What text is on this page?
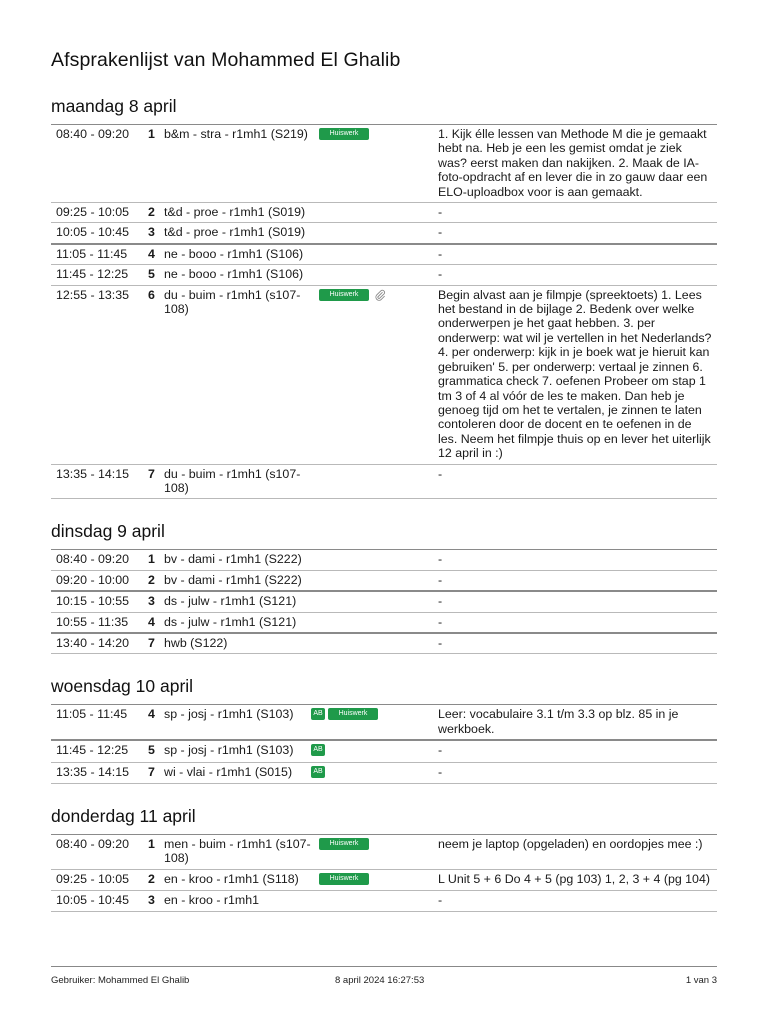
Afsprakenlijst van Mohammed El Ghalib
maandag 8 april
08:40 - 09:20	1	b&m - stra - r1mh1 (S219)	Huiswerk	1. Kijk élle lessen van Methode M die je gemaakt hebt na. Heb je een les gemist omdat je ziek was? eerst maken dan nakijken. 2. Maak de IA-foto-opdracht af en lever die in zo gauw daar een ELO-uploadbox voor is aan gemaakt.
09:25 - 10:05	2	t&d - proe - r1mh1 (S019)		-
10:05 - 10:45	3	t&d - proe - r1mh1 (S019)		-
11:05 - 11:45	4	ne - booo - r1mh1 (S106)		-
11:45 - 12:25	5	ne - booo - r1mh1 (S106)		-
12:55 - 13:35	6	du - buim - r1mh1 (s107-108)	Huiswerk	Begin alvast aan je filmpje (spreektoets) 1. Lees het bestand in de bijlage 2. Bedenk over welke onderwerpen je het gaat hebben. 3. per onderwerp: wat wil je vertellen in het Nederlands? 4. per onderwerp: kijk in je boek wat je hieruit kan gebruiken' 5. per onderwerp: vertaal je zinnen 6. grammatica check 7. oefenen Probeer om stap 1 tm 3 of 4 al vóór de les te maken. Dan heb je genoeg tijd om het te vertalen, je zinnen te laten contoleren door de docent en te oefenen in de les. Neem het filmpje thuis op en lever het uiterlijk 12 april in :)
13:35 - 14:15	7	du - buim - r1mh1 (s107-108)		-
dinsdag 9 april
08:40 - 09:20	1	bv - dami - r1mh1 (S222)		-
09:20 - 10:00	2	bv - dami - r1mh1 (S222)		-
10:15 - 10:55	3	ds - julw - r1mh1 (S121)		-
10:55 - 11:35	4	ds - julw - r1mh1 (S121)		-
13:40 - 14:20	7	hwb (S122)		-
woensdag 10 april
11:05 - 11:45	4	sp - josj - r1mh1 (S103)	AB Huiswerk	Leer: vocabulaire 3.1 t/m 3.3 op blz. 85 in je werkboek.
11:45 - 12:25	5	sp - josj - r1mh1 (S103)	AB	-
13:35 - 14:15	7	wi - vlai - r1mh1 (S015)	AB	-
donderdag 11 april
08:40 - 09:20	1	men - buim - r1mh1 (s107-108)	Huiswerk	neem je laptop (opgeladen) en oordopjes mee :)
09:25 - 10:05	2	en - kroo - r1mh1 (S118)	Huiswerk	L Unit 5 + 6 Do 4 + 5 (pg 103) 1, 2, 3 + 4 (pg 104)
10:05 - 10:45	3	en - kroo - r1mh1		-
Gebruiker: Mohammed El Ghalib	8 april 2024 16:27:53	1 van 3
